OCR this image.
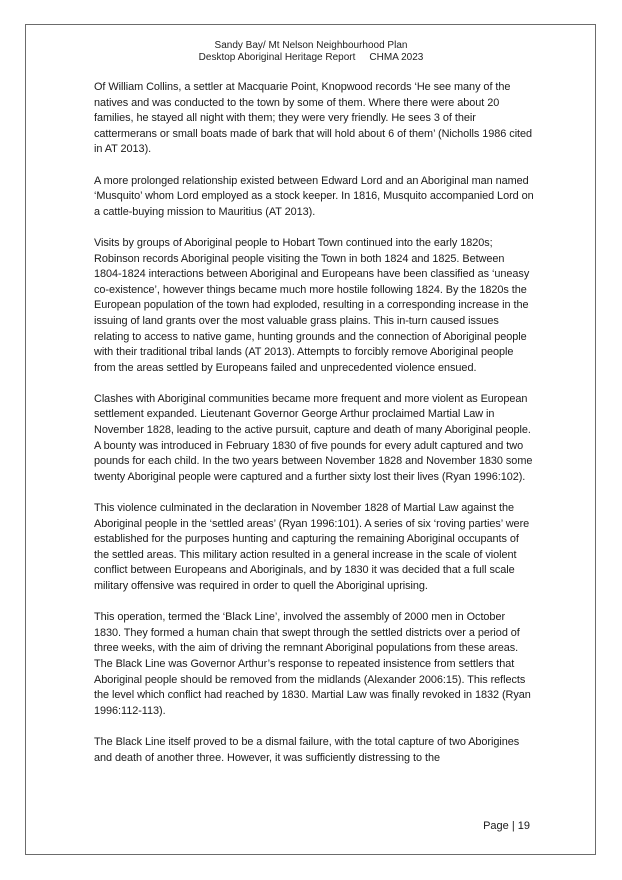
Sandy Bay/ Mt Nelson Neighbourhood Plan
Desktop Aboriginal Heritage Report CHMA 2023

Of William Collins, a settler at Macquarie Point, Knopwood records ‘He see many of the natives and was conducted to the town by some of them. Where there were about 20 families, he stayed all night with them; they were very friendly. He sees 3 of their cattermerans or small boats made of bark that will hold about 6 of them’ (Nicholls 1986 cited in AT 2013).

A more prolonged relationship existed between Edward Lord and an Aboriginal man named ‘Musquito’ whom Lord employed as a stock keeper. In 1816, Musquito accompanied Lord on a cattle-buying mission to Mauritius (AT 2013).

Visits by groups of Aboriginal people to Hobart Town continued into the early 1820s; Robinson records Aboriginal people visiting the Town in both 1824 and 1825. Between 1804-1824 interactions between Aboriginal and Europeans have been classified as ‘uneasy co-existence’, however things became much more hostile following 1824. By the 1820s the European population of the town had exploded, resulting in a corresponding increase in the issuing of land grants over the most valuable grass plains. This in-turn caused issues relating to access to native game, hunting grounds and the connection of Aboriginal people with their traditional tribal lands (AT 2013). Attempts to forcibly remove Aboriginal people from the areas settled by Europeans failed and unprecedented violence ensued.

Clashes with Aboriginal communities became more frequent and more violent as European settlement expanded. Lieutenant Governor George Arthur proclaimed Martial Law in November 1828, leading to the active pursuit, capture and death of many Aboriginal people. A bounty was introduced in February 1830 of five pounds for every adult captured and two pounds for each child. In the two years between November 1828 and November 1830 some twenty Aboriginal people were captured and a further sixty lost their lives (Ryan 1996:102).

This violence culminated in the declaration in November 1828 of Martial Law against the Aboriginal people in the ‘settled areas’ (Ryan 1996:101). A series of six ‘roving parties’ were established for the purposes hunting and capturing the remaining Aboriginal occupants of the settled areas. This military action resulted in a general increase in the scale of violent conflict between Europeans and Aboriginals, and by 1830 it was decided that a full scale military offensive was required in order to quell the Aboriginal uprising.

This operation, termed the ‘Black Line’, involved the assembly of 2000 men in October 1830. They formed a human chain that swept through the settled districts over a period of three weeks, with the aim of driving the remnant Aboriginal populations from these areas. The Black Line was Governor Arthur’s response to repeated insistence from settlers that Aboriginal people should be removed from the midlands (Alexander 2006:15). This reflects the level which conflict had reached by 1830. Martial Law was finally revoked in 1832 (Ryan 1996:112-113).

The Black Line itself proved to be a dismal failure, with the total capture of two Aborigines and death of another three. However, it was sufficiently distressing to the

Page | 19
